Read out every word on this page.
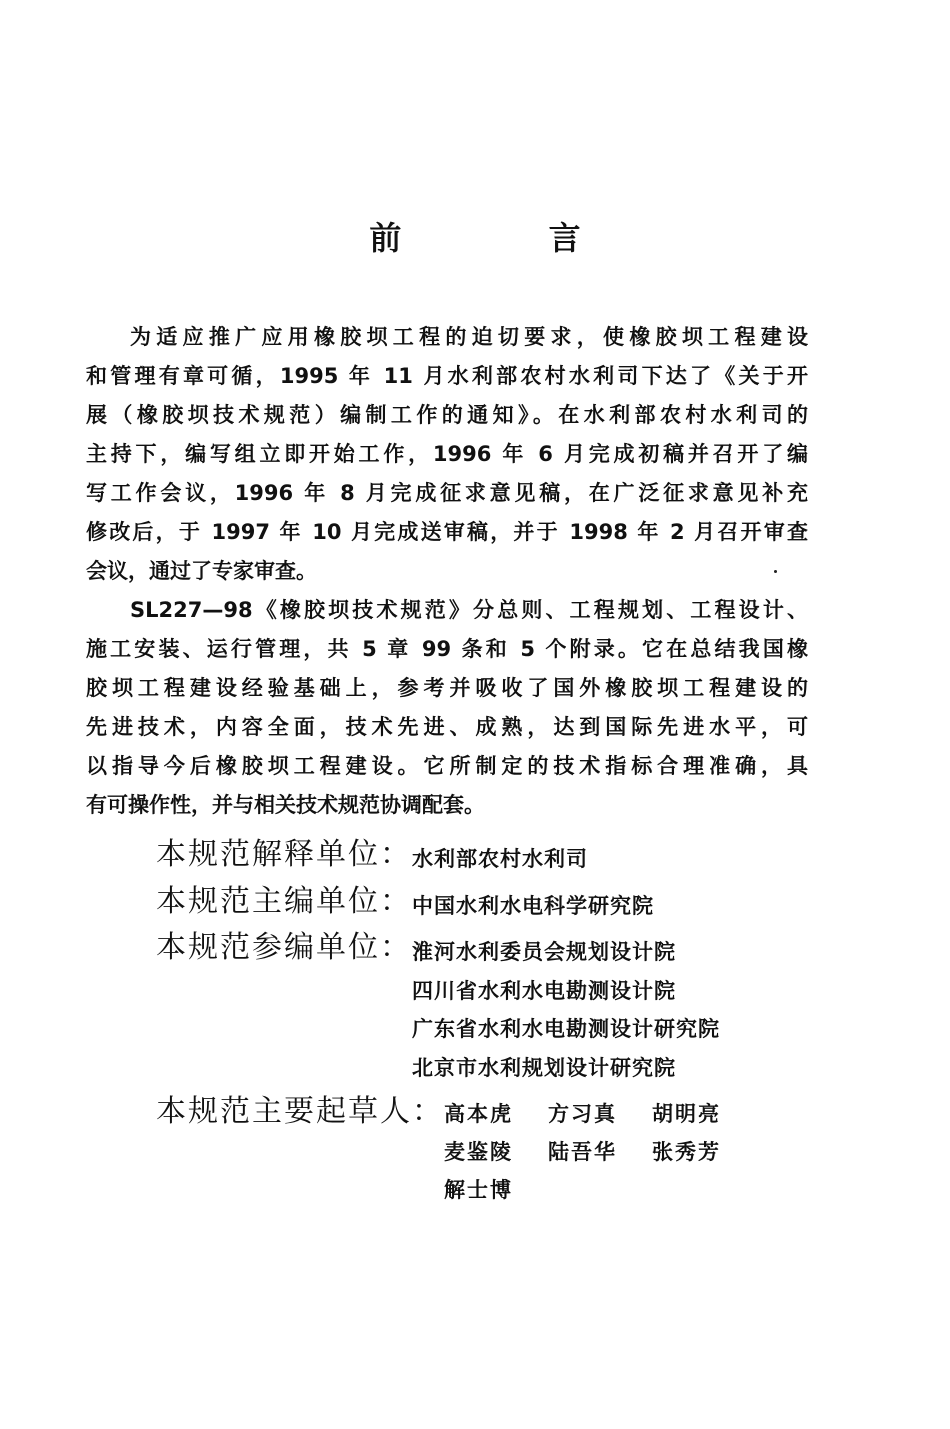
前 言
为适应推广应用橡胶坝工程的迫切要求，使橡胶坝工程建设
和管理有章可循，1995 年 11 月水利部农村水利司下达了《关于开
展（橡胶坝技术规范）编制工作的通知》。在水利部农村水利司的
主持下，编写组立即开始工作，1996 年 6 月完成初稿并召开了编
写工作会议，1996 年 8 月完成征求意见稿，在广泛征求意见补充
修改后，于 1997 年 10 月完成送审稿，并于 1998 年 2 月召开审查
会议，通过了专家审查。
SL227—98《橡胶坝技术规范》分总则、工程规划、工程设计、
施工安装、运行管理，共 5 章 99 条和 5 个附录。它在总结我国橡
胶坝工程建设经验基础上，参考并吸收了国外橡胶坝工程建设的
先进技术，内容全面，技术先进、成熟，达到国际先进水平，可
以指导今后橡胶坝工程建设。它所制定的技术指标合理准确，具
有可操作性，并与相关技术规范协调配套。
本规范解释单位： 水利部农村水利司
本规范主编单位： 中国水利水电科学研究院
本规范参编单位： 淮河水利委员会规划设计院
四川省水利水电勘测设计院
广东省水利水电勘测设计研究院
北京市水利规划设计研究院
本规范主要起草人： 高本虎	方习真	胡明亮
麦鉴陵	陆吾华	张秀芳
解士博
